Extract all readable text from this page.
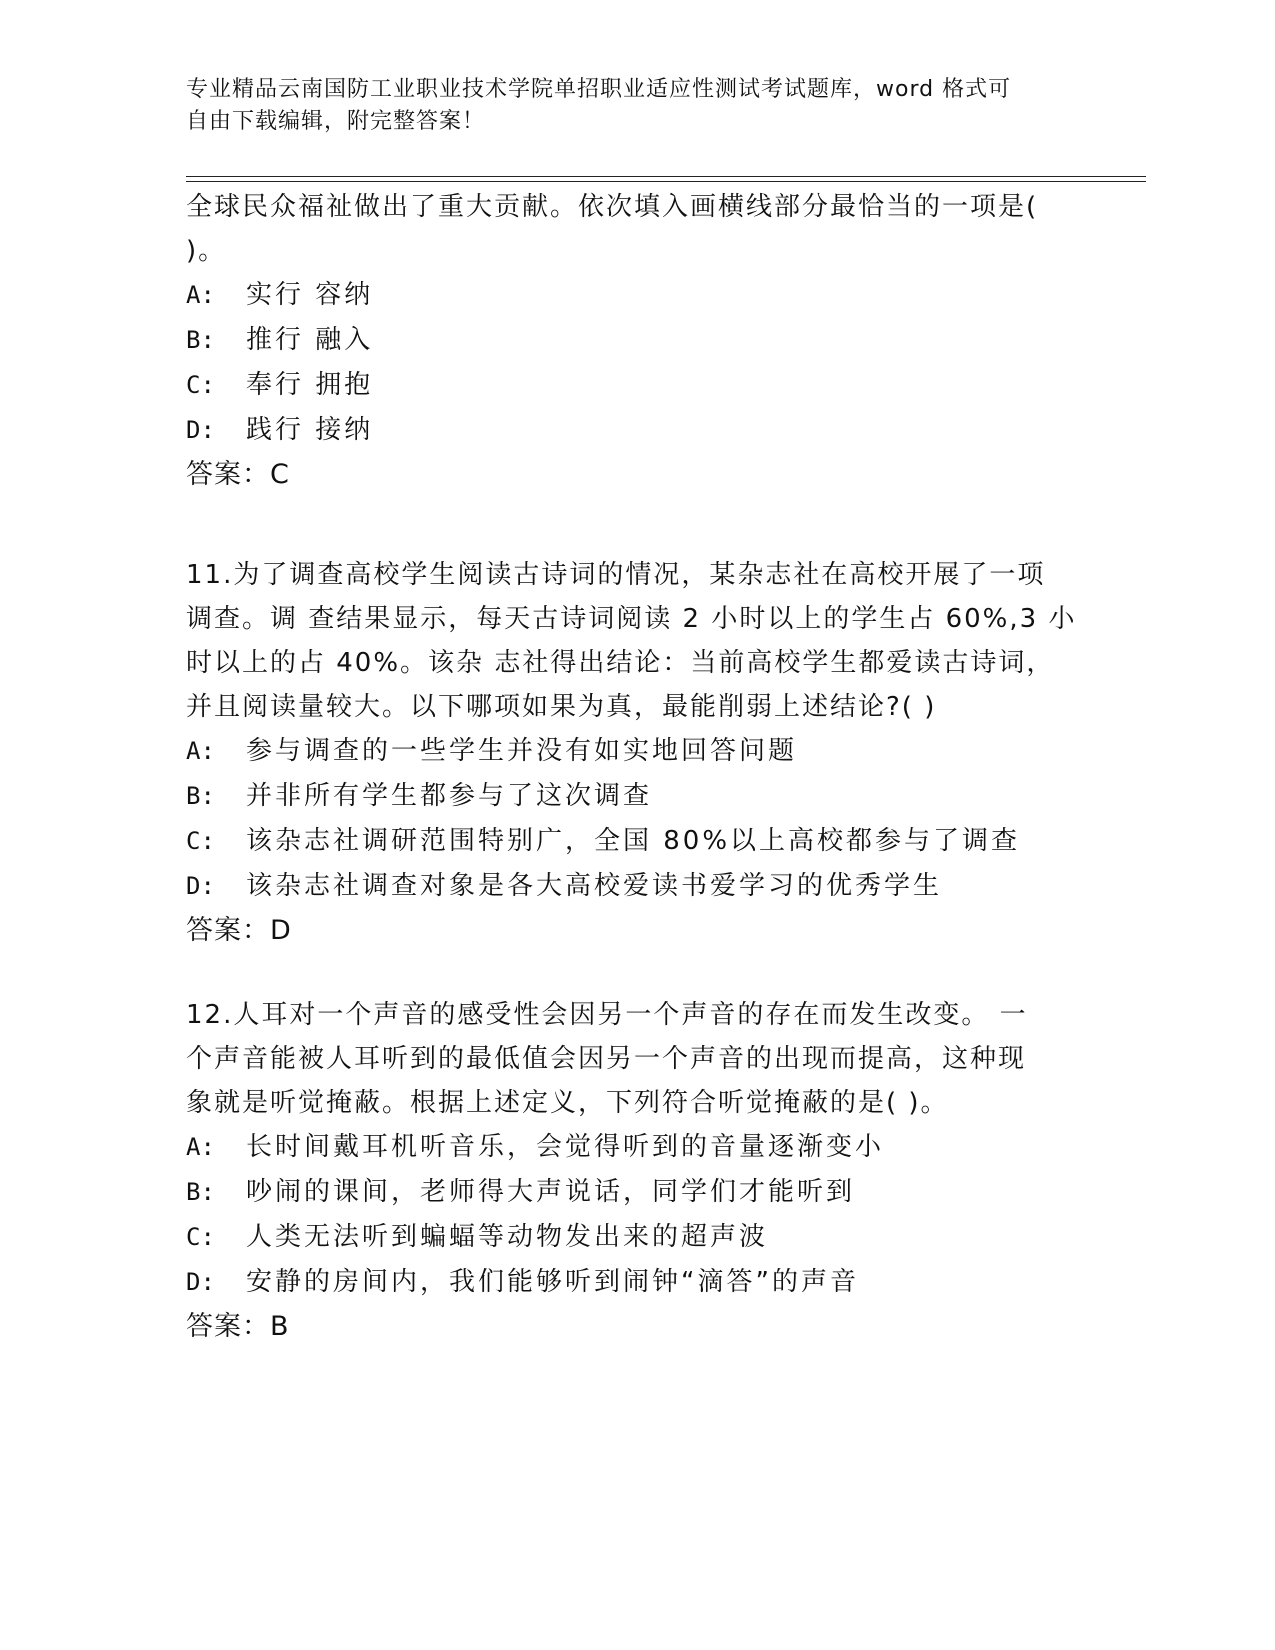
专业精品云南国防工业职业技术学院单招职业适应性测试考试题库，word 格式可
自由下载编辑，附完整答案！
全球民众福祉做出了重大贡献。依次填入画横线部分最恰当的一项是(
)。
A:	实行 容纳
B:	推行 融入
C:	奉行 拥抱
D:	践行 接纳
答案：C
11.为了调查高校学生阅读古诗词的情况，某杂志社在高校开展了一项
调查。调 查结果显示，每天古诗词阅读 2 小时以上的学生占 60%,3 小
时以上的占 40%。该杂 志社得出结论：当前高校学生都爱读古诗词，
并且阅读量较大。以下哪项如果为真，最能削弱上述结论?( )
A:	参与调查的一些学生并没有如实地回答问题
B:	并非所有学生都参与了这次调查
C:	该杂志社调研范围特别广，全国 80%以上高校都参与了调查
D:	该杂志社调查对象是各大高校爱读书爱学习的优秀学生
答案：D
12.人耳对一个声音的感受性会因另一个声音的存在而发生改变。 一
个声音能被人耳听到的最低值会因另一个声音的出现而提高，这种现
象就是听觉掩蔽。根据上述定义，下列符合听觉掩蔽的是( )。
A:	长时间戴耳机听音乐，会觉得听到的音量逐渐变小
B:	吵闹的课间，老师得大声说话，同学们才能听到
C:	人类无法听到蝙蝠等动物发出来的超声波
D:	安静的房间内，我们能够听到闹钟“滴答”的声音
答案：B
